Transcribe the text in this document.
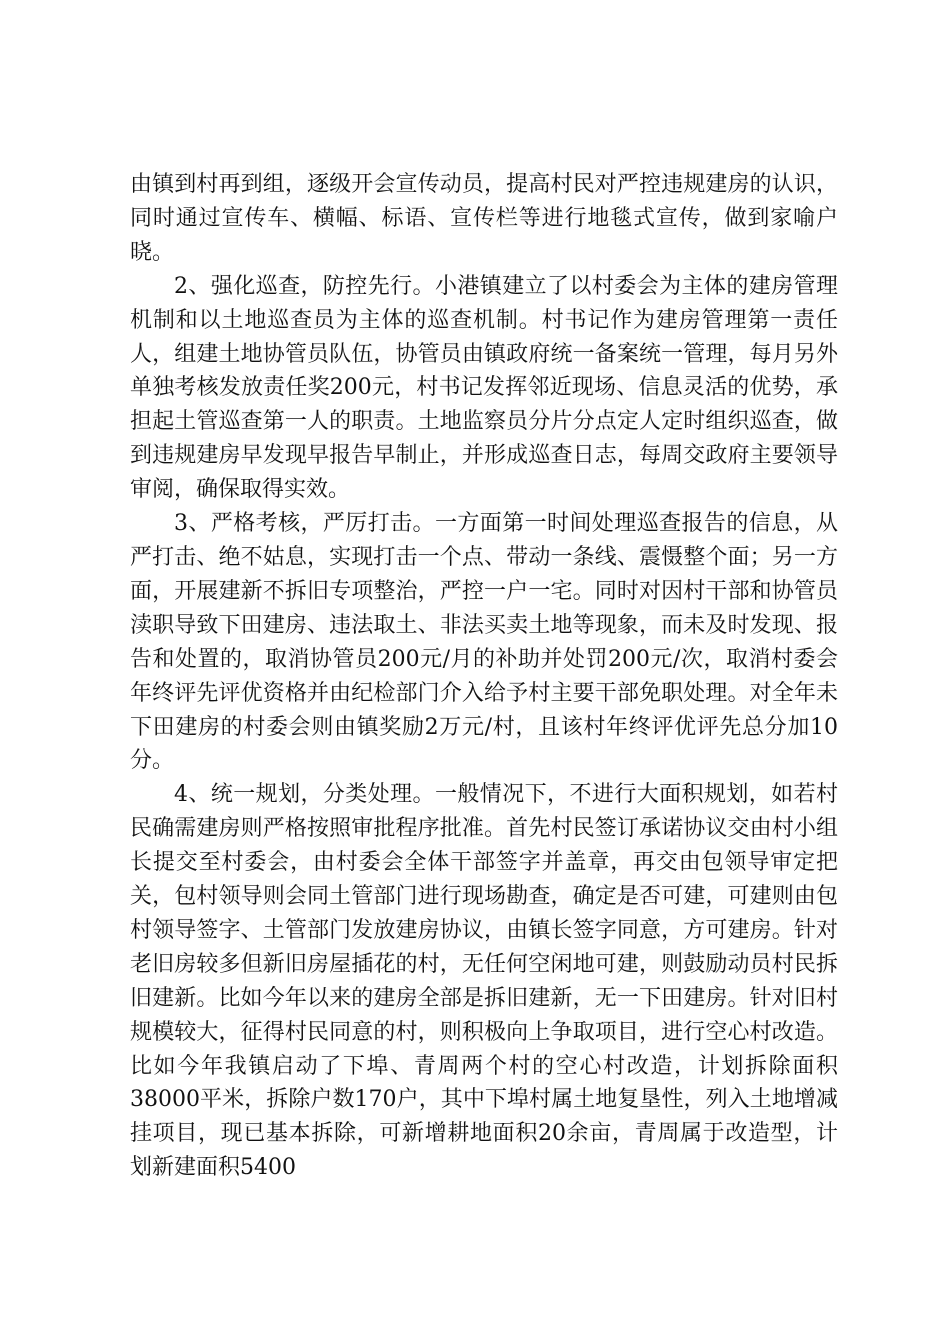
由镇到村再到组，逐级开会宣传动员，提高村民对严控违规建房的认识，同时通过宣传车、横幅、标语、宣传栏等进行地毯式宣传，做到家喻户晓。

2、强化巡查，防控先行。小港镇建立了以村委会为主体的建房管理机制和以土地巡查员为主体的巡查机制。村书记作为建房管理第一责任人，组建土地协管员队伍，协管员由镇政府统一备案统一管理，每月另外单独考核发放责任奖200元，村书记发挥邻近现场、信息灵活的优势，承担起土管巡查第一人的职责。土地监察员分片分点定人定时组织巡查，做到违规建房早发现早报告早制止，并形成巡查日志，每周交政府主要领导审阅，确保取得实效。

3、严格考核，严厉打击。一方面第一时间处理巡查报告的信息，从严打击、绝不姑息，实现打击一个点、带动一条线、震慑整个面；另一方面，开展建新不拆旧专项整治，严控一户一宅。同时对因村干部和协管员渎职导致下田建房、违法取土、非法买卖土地等现象，而未及时发现、报告和处置的，取消协管员200元/月的补助并处罚200元/次，取消村委会年终评先评优资格并由纪检部门介入给予村主要干部免职处理。对全年未下田建房的村委会则由镇奖励2万元/村，且该村年终评优评先总分加10分。

4、统一规划，分类处理。一般情况下，不进行大面积规划，如若村民确需建房则严格按照审批程序批准。首先村民签订承诺协议交由村小组长提交至村委会，由村委会全体干部签字并盖章，再交由包领导审定把关，包村领导则会同土管部门进行现场勘查，确定是否可建，可建则由包村领导签字、土管部门发放建房协议，由镇长签字同意，方可建房。针对老旧房较多但新旧房屋插花的村，无任何空闲地可建，则鼓励动员村民拆旧建新。比如今年以来的建房全部是拆旧建新，无一下田建房。针对旧村规模较大，征得村民同意的村，则积极向上争取项目，进行空心村改造。比如今年我镇启动了下埠、青周两个村的空心村改造，计划拆除面积38000平米，拆除户数170户，其中下埠村属土地复垦性，列入土地增减挂项目，现已基本拆除，可新增耕地面积20余亩，青周属于改造型，计划新建面积5400
